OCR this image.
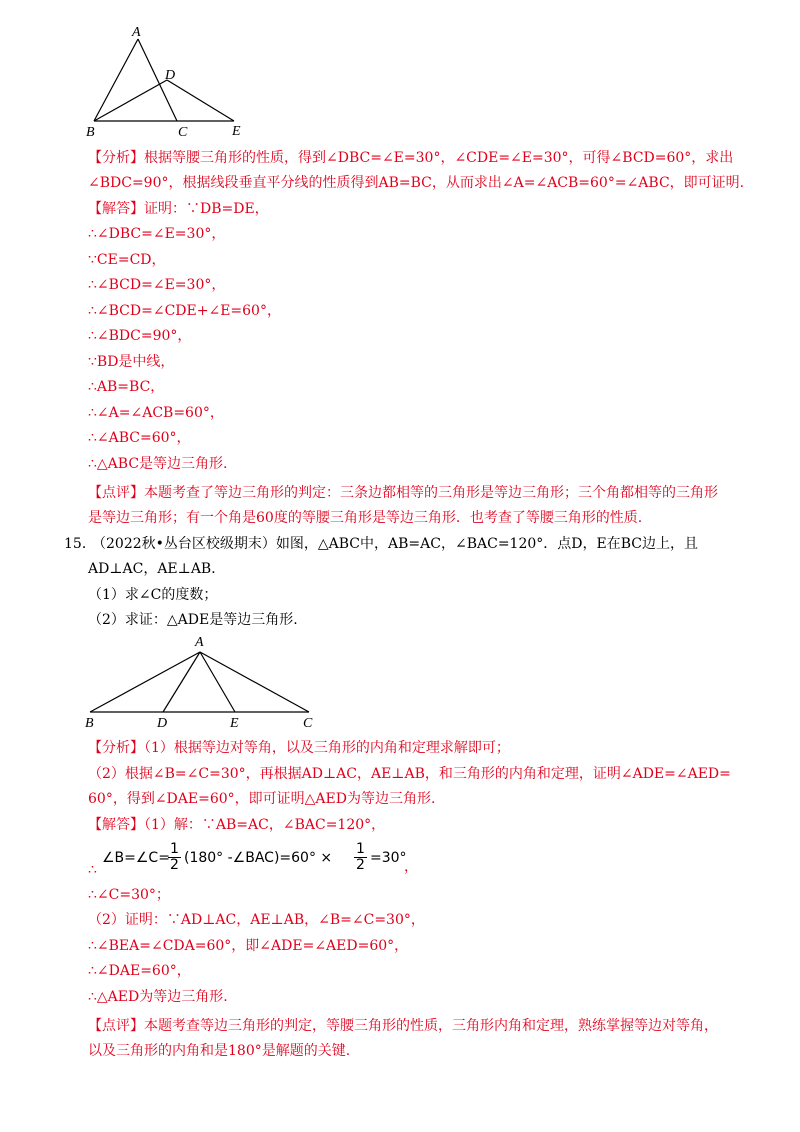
A
D
B	C	E
【分析】根据等腰三角形的性质，得到∠DBC=∠E=30°，∠CDE=∠E=30°，可得∠BCD=60°，求出
∠BDC=90°，根据线段垂直平分线的性质得到AB=BC，从而求出∠A=∠ACB=60°=∠ABC，即可证明.
【解答】证明：∵DB=DE，
∴∠DBC=∠E=30°，
∵CE=CD，
∴∠BCD=∠E=30°，
∴∠BCD=∠CDE+∠E=60°，
∴∠BDC=90°，
∵BD是中线，
∴AB=BC，
∴∠A=∠ACB=60°，
∴∠ABC=60°，
∴△ABC是等边三角形.
【点评】本题考查了等边三角形的判定：三条边都相等的三角形是等边三角形；三个角都相等的三角形
是等边三角形；有一个角是60度的等腰三角形是等边三角形．也考查了等腰三角形的性质.
15．
（2022秋•丛台区校级期末）如图，△ABC中，AB=AC，∠BAC=120°．点D，E在BC边上，且
AD⊥AC，AE⊥AB．
（1）求∠C的度数；
（2）求证：△ADE是等边三角形.
A
B	D	E	C
【分析】（1）根据等边对等角，以及三角形的内角和定理求解即可；
（2）根据∠B=∠C=30°，再根据AD⊥AC，AE⊥AB，和三角形的内角和定理，证明∠ADE=∠AED=
60°，得到∠DAE=60°，即可证明△AED为等边三角形.
【解答】（1）解：∵AB=AC，∠BAC=120°，
∠B=∠C=
$\frac{1}{2} (180^\circ$ -∠BAC)=60° × $\frac{1}{2} =30^\circ$
，
∴
∴∠C=30°；
（2）证明：∵AD⊥AC，AE⊥AB，∠B=∠C=30°，
∴∠BEA=∠CDA=60°，即∠ADE=∠AED=60°，
∴∠DAE=60°，
∴△AED为等边三角形.
【点评】本题考查等边三角形的判定，等腰三角形的性质，三角形内角和定理，熟练掌握等边对等角，
以及三角形的内角和是180°是解题的关键.
